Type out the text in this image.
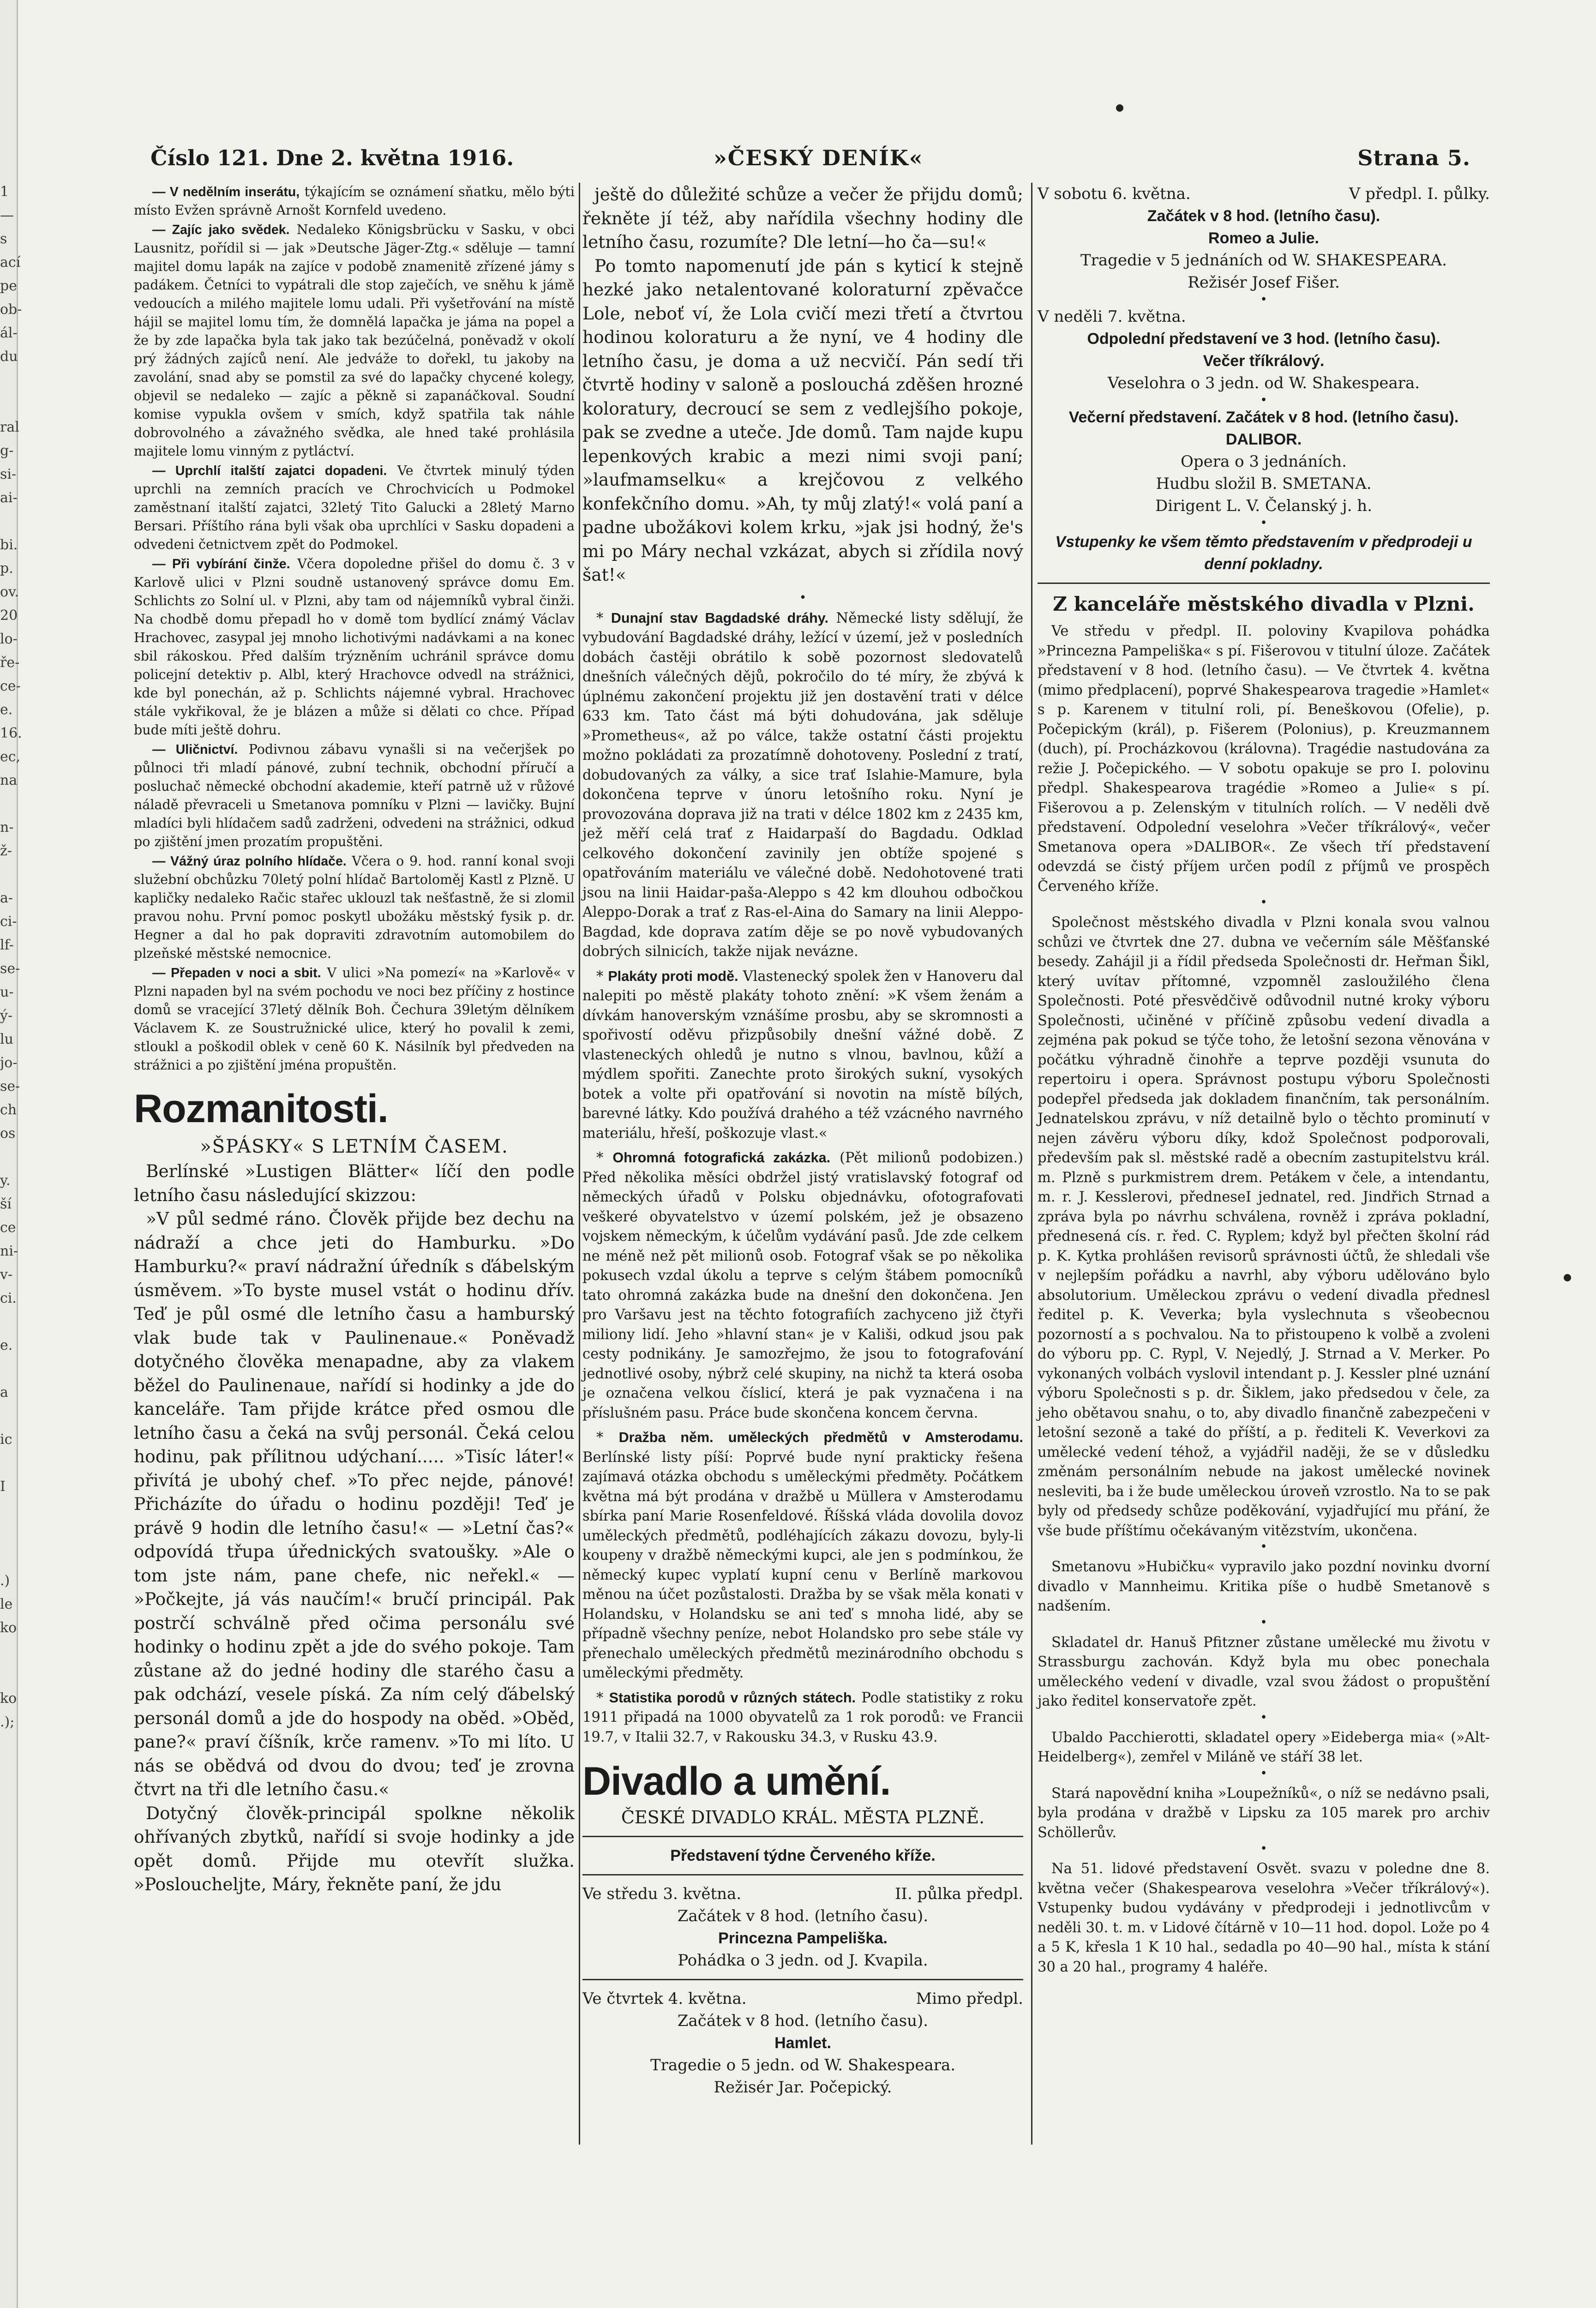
1
—
s
ací
pe
ob-
ál-
du
ral
g-
si-
ai-
bi.
p.
ov.
20
lo-
ře-
ce-
e.
16.
ec,
na
n-
ž-
a-
ci-
lf-
se-
u-
ý-
lu
jo-
se-
ch
os
y.
ší
ce
ni-
v-
ci.
e.
a
ic
I
.)
le
ko
ko
.);
Číslo 121. Dne 2. května 1916.	»ČESKÝ DENÍK«	Strana 5.

— V nedělním inserátu, týkajícím se oznámení sňatku, mělo býti místo Evžen správně Arnošt Kornfeld uvedeno.

— Zajíc jako svědek. Nedaleko Königsbrücku v Sasku, v obci Lausnitz, pořídil si — jak »Deutsche Jäger-Ztg.« sděluje — tamní majitel domu lapák na zajíce v podobě znamenitě zřízené jámy s padákem. Četníci to vypátrali dle stop zaječích, ve sněhu k jámě vedoucích a milého majitele lomu udali. Při vyšetřování na místě hájil se majitel lomu tím, že domnělá lapačka je jáma na popel a že by zde lapačka byla tak jako tak bezúčelná, poněvadž v okolí prý žádných zajíců není. Ale jedváže to dořekl, tu jakoby na zavolání, snad aby se pomstil za své do lapačky chycené kolegy, objevil se nedaleko — zajíc a pěkně si zapanáčkoval. Soudní komise vypukla ovšem v smích, když spatřila tak náhle dobrovolného a závažného svědka, ale hned také prohlásila majitele lomu vinným z pytláctví.

— Uprchlí italští zajatci dopadeni. Ve čtvrtek minulý týden uprchli na zemních pracích ve Chrochvicích u Podmokel zaměstnaní italští zajatci, 32letý Tito Galucki a 28letý Marno Bersari. Příštího rána byli však oba uprchlíci v Sasku dopadeni a odvedeni četnictvem zpět do Podmokel.

— Při vybírání činže. Včera dopoledne přišel do domu č. 3 v Karlově ulici v Plzni soudně ustanovený správce domu Em. Schlichts zo Solní ul. v Plzni, aby tam od nájemníků vybral činži. Na chodbě domu přepadl ho v domě tom bydlící známý Václav Hrachovec, zasypal jej mnoho lichotivými nadávkami a na konec sbil rákoskou. Před dalším trýzněním uchránil správce domu policejní detektiv p. Albl, který Hrachovce odvedl na strážnici, kde byl ponechán, až p. Schlichts nájemné vybral. Hrachovec stále vykřikoval, že je blázen a může si dělati co chce. Případ bude míti ještě dohru.

— Uličnictví. Podivnou zábavu vynašli si na večerjšek po půlnoci tři mladí pánové, zubní technik, obchodní příručí a posluchač německé obchodní akademie, kteří patrně už v růžové náladě převraceli u Smetanova pomníku v Plzni — lavičky. Bujní mladíci byli hlídačem sadů zadrženi, odvedeni na strážnici, odkud po zjištění jmen prozatím propuštěni.

— Vážný úraz polního hlídače. Včera o 9. hod. ranní konal svoji služební obchůzku 70letý polní hlídač Bartoloměj Kastl z Plzně. U kapličky nedaleko Račic stařec uklouzl tak nešťastně, že si zlomil pravou nohu. První pomoc poskytl ubožáku městský fysik p. dr. Hegner a dal ho pak dopraviti zdravotním automobilem do plzeňské městské nemocnice.

— Přepaden v noci a sbit. V ulici »Na pomezí« na »Karlově« v Plzni napaden byl na svém pochodu ve noci bez příčiny z hostince domů se vracející 37letý dělník Boh. Čechura 39letým dělníkem Václavem K. ze Soustružnické ulice, který ho povalil k zemi, stloukl a poškodil oblek v ceně 60 K. Násilník byl předveden na strážnici a po zjištění jména propuštěn.

Rozmanitosti.
»ŠPÁSKY« S LETNÍM ČASEM.

Berlínské »Lustigen Blätter« líčí den podle letního času následující skizzou:

»V půl sedmé ráno. Člověk přijde bez dechu na nádraží a chce jeti do Hamburku. »Do Hamburku?« praví nádražní úředník s ďábelským úsměvem. »To byste musel vstát o hodinu dřív. Teď je půl osmé dle letního času a hamburský vlak bude tak v Paulinenaue.« Poněvadž dotyčného člověka menapadne, aby za vlakem běžel do Paulinenaue, nařídí si hodinky a jde do kanceláře. Tam přijde krátce před osmou dle letního času a čeká na svůj personál. Čeká celou hodinu, pak přílitnou udýchaní..... »Tisíc láter!« přivítá je ubohý chef. »To přec nejde, pánové! Přicházíte do úřadu o hodinu později! Teď je právě 9 hodin dle letního času!« — »Letní čas?« odpovídá třupa úřednických svatoušky. »Ale o tom jste nám, pane chefe, nic neřekl.« — »Počkejte, já vás naučím!« bručí principál. Pak postrčí schválně před očima personálu své hodinky o hodinu zpět a jde do svého pokoje. Tam zůstane až do jedné hodiny dle starého času a pak odchází, vesele píská. Za ním celý ďábelský personál domů a jde do hospody na oběd. »Oběd, pane?« praví číšník, krče ramenv. »To mi líto. U nás se obědvá od dvou do dvou; teď je zrovna čtvrt na tři dle letního času.«

Dotyčný člověk-principál spolkne několik ohřívaných zbytků, nařídí si svoje hodinky a jde opět domů. Přijde mu otevřít služka. »Posloucheljte, Máry, řekněte paní, že jdu

ještě do důležité schůze a večer že přijdu domů; řekněte jí též, aby nařídila všechny hodiny dle letního času, rozumíte? Dle letní—ho ča—su!«

Po tomto napomenutí jde pán s kyticí k stejně hezké jako netalentované koloraturní zpěvačce Lole, neboť ví, že Lola cvičí mezi třetí a čtvrtou hodinou koloraturu a že nyní, ve 4 hodiny dle letního času, je doma a už necvičí. Pán sedí tři čtvrtě hodiny v saloně a poslouchá zděšen hrozné koloratury, decroucí se sem z vedlejšího pokoje, pak se zvedne a uteče. Jde domů. Tam najde kupu lepenkových krabic a mezi nimi svoji paní; »laufmamselku« a krejčovou z velkého konfekčního domu. »Ah, ty můj zlatý!« volá paní a padne ubožákovi kolem krku, »jak jsi hodný, že's mi po Máry nechal vzkázat, abych si zřídila nový šat!«

•

* Dunajní stav Bagdadské dráhy. Německé listy sdělují, že vybudování Bagdadské dráhy, ležící v území, jež v posledních dobách častěji obrátilo k sobě pozornost sledovatelů dnešních válečných dějů, pokročilo do té míry, že zbývá k úplnému zakončení projektu již jen dostavění trati v délce 633 km. Tato část má býti dohudována, jak sděluje »Prometheus«, až po válce, takže ostatní části projektu možno pokládati za prozatímně dohotoveny. Poslední z tratí, dobudovaných za války, a sice trať Islahie-Mamure, byla dokončena teprve v únoru letošního roku. Nyní je provozována doprava již na trati v délce 1802 km z 2435 km, jež měří celá trať z Haidarpaší do Bagdadu. Odklad celkového dokončení zavinily jen obtíže spojené s opatřováním materiálu ve válečné době. Nedohotovené trati jsou na linii Haidar-paša-Aleppo s 42 km dlouhou odbočkou Aleppo-Dorak a trať z Ras-el-Aina do Samary na linii Aleppo-Bagdad, kde doprava zatím děje se po nově vybudovaných dobrých silnicích, takže nijak nevázne.

* Plakáty proti modě. Vlastenecký spolek žen v Hanoveru dal nalepiti po městě plakáty tohoto znění: »K všem ženám a dívkám hanoverským vznášíme prosbu, aby se skromnosti a spořivostí oděvu přizpůsobily dnešní vážné době. Z vlasteneckých ohledů je nutno s vlnou, bavlnou, kůží a mýdlem spořiti. Zanechte proto širokých sukní, vysokých botek a volte při opatřování si novotin na místě bílých, barevné látky. Kdo používá drahého a též vzácného navrného materiálu, hřeší, poškozuje vlast.«

* Ohromná fotografická zakázka. (Pět milionů podobizen.) Před několika měsíci obdržel jistý vratislavský fotograf od německých úřadů v Polsku objednávku, ofotografovati veškeré obyvatelstvo v území polském, jež je obsazeno vojskem německým, k účelům vydávání pasů. Jde zde celkem ne méně než pět milionů osob. Fotograf však se po několika pokusech vzdal úkolu a teprve s celým štábem pomocníků tato ohromná zakázka bude na dnešní den dokončena. Jen pro Varšavu jest na těchto fotografiích zachyceno již čtyři miliony lidí. Jeho »hlavní stan« je v Kališi, odkud jsou pak cesty podnikány. Je samozřejmo, že jsou to fotografování jednotlivé osoby, nýbrž celé skupiny, na nichž ta která osoba je označena velkou číslicí, která je pak vyznačena i na příslušném pasu. Práce bude skončena koncem června.

* Dražba něm. uměleckých předmětů v Amsterodamu. Berlínské listy píší: Poprvé bude nyní prakticky řešena zajímavá otázka obchodu s uměleckými předměty. Počátkem května má být prodána v dražbě u Müllera v Amsterodamu sbírka paní Marie Rosenfeldové. Říšská vláda dovolila dovoz uměleckých předmětů, podléhajících zákazu dovozu, byly-li koupeny v dražbě německými kupci, ale jen s podmínkou, že německý kupec vyplatí kupní cenu v Berlíně markovou měnou na účet pozůstalosti. Dražba by se však měla konati v Holandsku, v Holandsku se ani teď s mnoha lidé, aby se případně všechny peníze, nebot Holandsko pro sebe stále vy přenechalo uměleckých předmětů mezinárodního obchodu s uměleckými předměty.

* Statistika porodů v různých státech. Podle statistiky z roku 1911 připadá na 1000 obyvatelů za 1 rok porodů: ve Francii 19.7, v Italii 32.7, v Rakousku 34.3, v Rusku 43.9.

Divadlo a umění.
ČESKÉ DIVADLO KRÁL. MĚSTA PLZNĚ.
Představení týdne Červeného kříže.
Ve středu 3. května.	II. půlka předpl.
Začátek v 8 hod. (letního času).
Princezna Pampeliška.
Pohádka o 3 jedn. od J. Kvapila.
Ve čtvrtek 4. května.	Mimo předpl.
Začátek v 8 hod. (letního času).
Hamlet.
Tragedie o 5 jedn. od W. Shakespeara.
Režisér Jar. Počepický.
V sobotu 6. května.	V předpl. I. půlky.
Začátek v 8 hod. (letního času).
Romeo a Julie.
Tragedie v 5 jednáních od W. SHAKESPEARA.
Režisér Josef Fišer.
•
V neděli 7. května.
Odpolední představení ve 3 hod. (letního času).
Večer tříkrálový.
Veselohra o 3 jedn. od W. Shakespeara.
•
Večerní představení. Začátek v 8 hod. (letního času).
DALIBOR.
Opera o 3 jednáních.
Hudbu složil B. SMETANA.
Dirigent L. V. Čelanský j. h.
•

Vstupenky ke všem těmto představením v předprodeji u denní pokladny.

Z kanceláře městského divadla v Plzni.

Ve středu v předpl. II. poloviny Kvapilova pohádka »Princezna Pampeliška« s pí. Fišerovou v titulní úloze. Začátek představení v 8 hod. (letního času). — Ve čtvrtek 4. května (mimo předplacení), poprvé Shakespearova tragedie »Hamlet« s p. Karenem v titulní roli, pí. Beneškovou (Ofelie), p. Počepickým (král), p. Fišerem (Polonius), p. Kreuzmannem (duch), pí. Procházkovou (královna). Tragédie nastudována za režie J. Počepického. — V sobotu opakuje se pro I. polovinu předpl. Shakespearova tragédie »Romeo a Julie« s pí. Fišerovou a p. Zelenským v titulních rolích. — V neděli dvě představení. Odpolední veselohra »Večer tříkrálový«, večer Smetanova opera »DALIBOR«. Ze všech tří představení odevzdá se čistý příjem určen podíl z příjmů ve prospěch Červeného kříže.

•

Společnost městského divadla v Plzni konala svou valnou schůzi ve čtvrtek dne 27. dubna ve večerním sále Měšťanské besedy. Zahájil ji a řídil předseda Společnosti dr. Heřman Šikl, který uvítav přítomné, vzpomněl zasloužilého člena Společnosti. Poté přesvědčivě odůvodnil nutné kroky výboru Společnosti, učiněné v příčině způsobu vedení divadla a zejména pak pokud se týče toho, že letošní sezona věnována v počátku výhradně činohře a teprve později vsunuta do repertoiru i opera. Správnost postupu výboru Společnosti podepřel předseda jak dokladem finančním, tak personálním. Jednatelskou zprávu, v níž detailně bylo o těchto prominutí v nejen závěru výboru díky, kdož Společnost podporovali, především pak sl. městské radě a obecním zastupitelstvu král. m. Plzně s purkmistrem drem. Petákem v čele, a intendantu, m. r. J. Kesslerovi, předneseI jednatel, red. Jindřich Strnad a zpráva byla po návrhu schválena, rovněž i zpráva pokladní, přednesená cís. r. řed. C. Ryplem; když byl přečten školní rád p. K. Kytka prohlášen revisorů správnosti účtů, že shledali vše v nejlepším pořádku a navrhl, aby výboru udělováno bylo absolutorium. Uměleckou zprávu o vedení divadla přednesl ředitel p. K. Veverka; byla vyslechnuta s všeobecnou pozorností a s pochvalou. Na to přistoupeno k volbě a zvoleni do výboru pp. C. Rypl, V. Nejedlý, J. Strnad a V. Merker. Po vykonaných volbách vyslovil intendant p. J. Kessler plné uznání výboru Společnosti s p. dr. Šiklem, jako předsedou v čele, za jeho obětavou snahu, o to, aby divadlo finančně zabezpečeni v letošní sezoně a také do příští, a p. řediteli K. Veverkovi za umělecké vedení téhož, a vyjádřil naději, že se v důsledku změnám personálním nebude na jakost umělecké novinek nesleviti, ba i že bude uměleckou úroveň vzrostlo. Na to se pak byly od předsedy schůze poděkování, vyjadřující mu přání, že vše bude příštímu očekávaným vitězstvím, ukončena.

•

Smetanovu »Hubičku« vypravilo jako pozdní novinku dvorní divadlo v Mannheimu. Kritika píše o hudbě Smetanově s nadšením.

•

Skladatel dr. Hanuš Pfitzner zůstane umělecké mu životu v Strassburgu zachován. Když byla mu obec ponechala uměleckého vedení v divadle, vzal svou žádost o propuštění jako ředitel konservatoře zpět.

•

Ubaldo Pacchierotti, skladatel opery »Eideberga mia« (»Alt-Heidelberg«), zemřel v Miláně ve stáří 38 let.

•

Stará napovědní kniha »Loupežníků«, o níž se nedávno psali, byla prodána v dražbě v Lipsku za 105 marek pro archiv Schöllerův.

•

Na 51. lidové představení Osvět. svazu v poledne dne 8. května večer (Shakespearova veselohra »Večer tříkrálový«). Vstupenky budou vydávány v předprodeji i jednotlivcům v neděli 30. t. m. v Lidové čítárně v 10—11 hod. dopol. Lože po 4 a 5 K, křesla 1 K 10 hal., sedadla po 40—90 hal., místa k stání 30 a 20 hal., programy 4 haléře.
